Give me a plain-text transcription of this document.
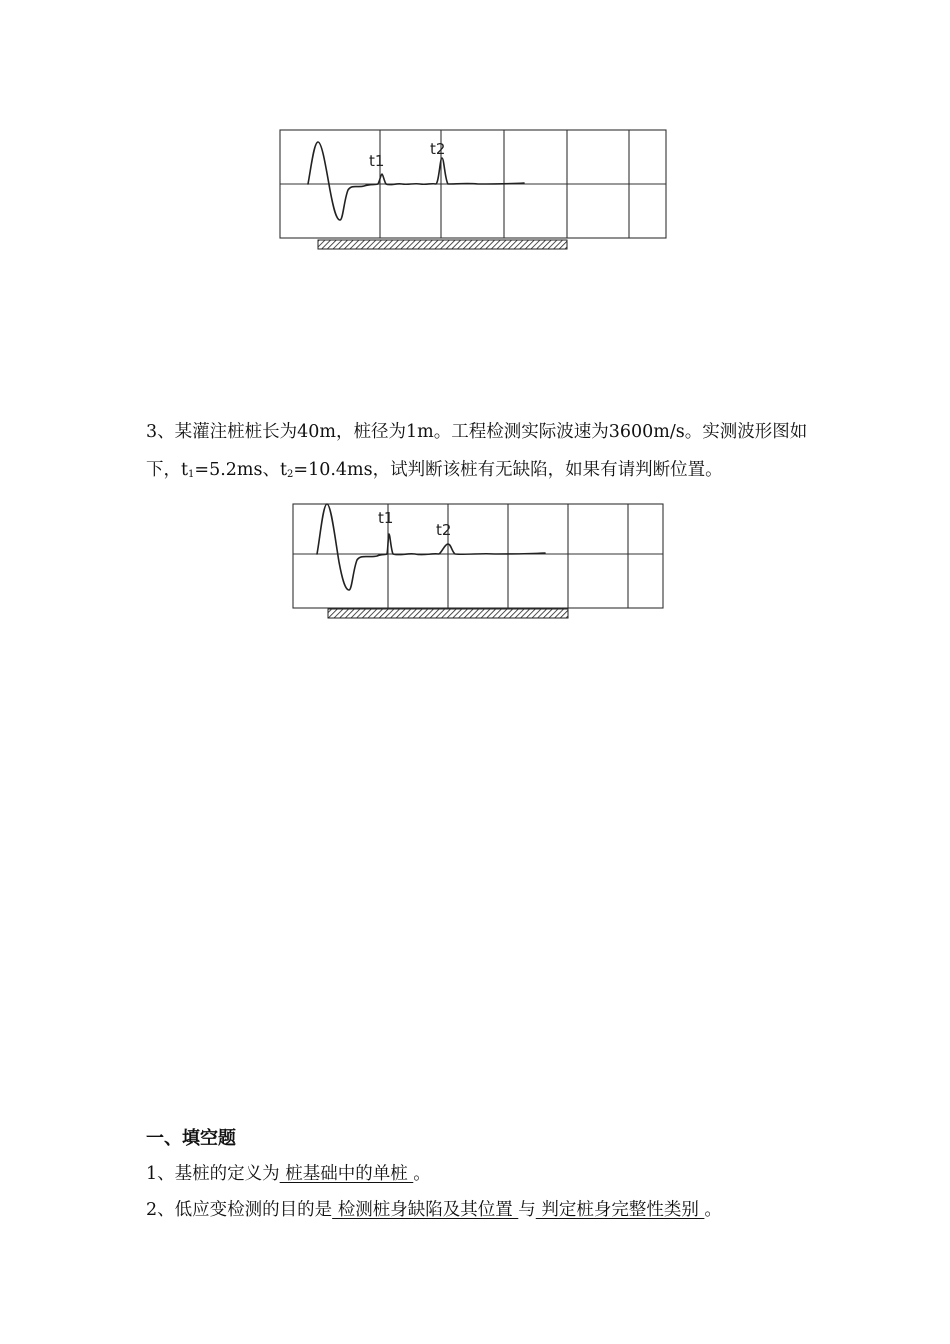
t1
t2

3、某灌注桩桩长为40m，桩径为1m。工程检测实际波速为3600m/s。实测波形图如下，$t_1=5.2ms$、$t_2=10.4ms$，试判断该桩有无缺陷，如果有请判断位置。

t1
t2
一、填空题
1、基桩的定义为 桩基础中的单桩 。
2、低应变检测的目的是 检测桩身缺陷及其位置 与 判定桩身完整性类别 。
